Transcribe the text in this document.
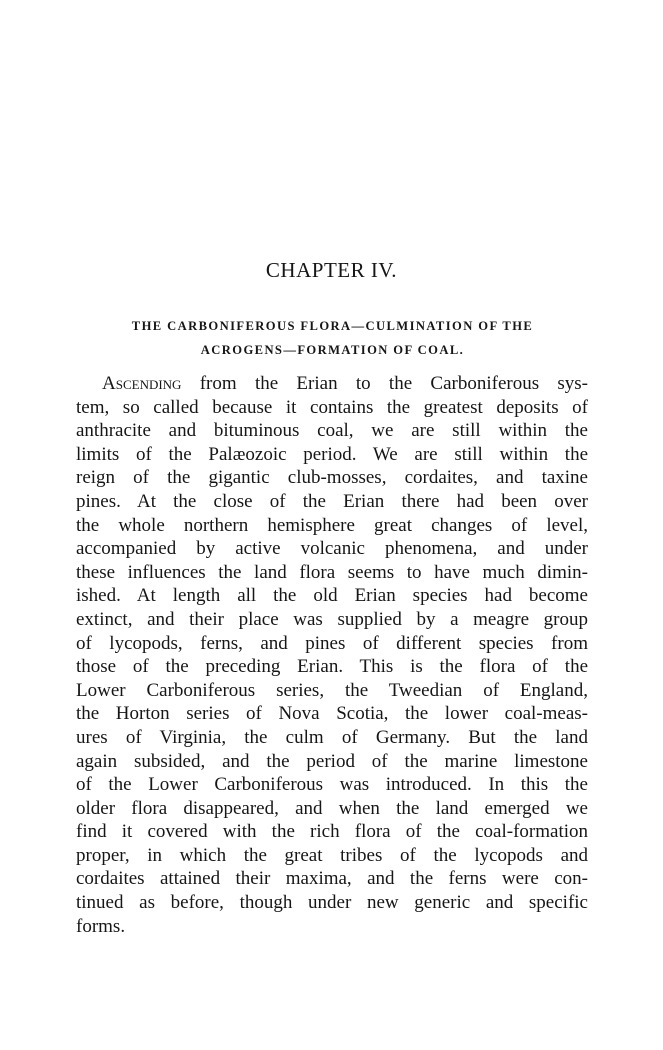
CHAPTER IV.
THE CARBONIFEROUS FLORA—CULMINATION OF THE
ACROGENS—FORMATION OF COAL.
Ascending from the Erian to the Carboniferous sys-
tem, so called because it contains the greatest deposits of
anthracite and bituminous coal, we are still within the
limits of the Palæozoic period. We are still within the
reign of the gigantic club-mosses, cordaites, and taxine
pines. At the close of the Erian there had been over
the whole northern hemisphere great changes of level,
accompanied by active volcanic phenomena, and under
these influences the land flora seems to have much dimin-
ished. At length all the old Erian species had become
extinct, and their place was supplied by a meagre group
of lycopods, ferns, and pines of different species from
those of the preceding Erian. This is the flora of the
Lower Carboniferous series, the Tweedian of England,
the Horton series of Nova Scotia, the lower coal-meas-
ures of Virginia, the culm of Germany. But the land
again subsided, and the period of the marine limestone
of the Lower Carboniferous was introduced. In this the
older flora disappeared, and when the land emerged we
find it covered with the rich flora of the coal-formation
proper, in which the great tribes of the lycopods and
cordaites attained their maxima, and the ferns were con-
tinued as before, though under new generic and specific
forms.
